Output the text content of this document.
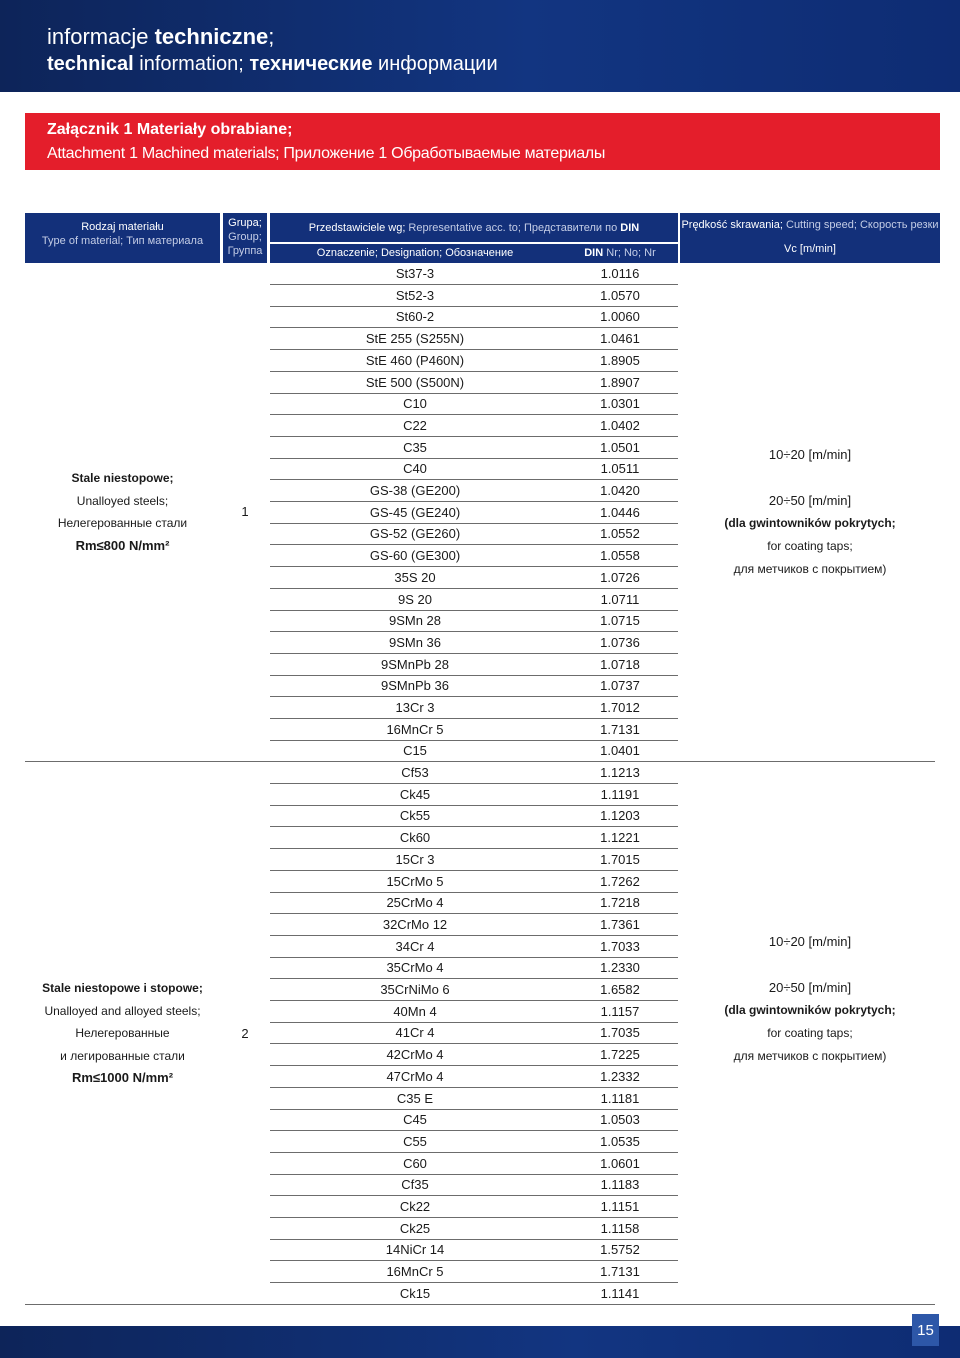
informacje techniczne;
technical information; технические информации
Załącznik 1 Materiały obrabiane;
Attachment 1 Machined materials; Приложение 1 Обработываемые материалы
Rodzaj materiału
Type of material; Тип материала
Grupa;
Group;
Группа
Przedstawiciele wg; Representative acc. to; Представители по DIN
Oznaczenie; Designation; Обозначение	DIN Nr; No; Nr
Prędkość skrawania; Cutting speed; Скорость резки
Vc [m/min]
St37-3	1.0116
St52-3	1.0570
St60-2	1.0060
StE 255 (S255N)	1.0461
StE 460 (P460N)	1.8905
StE 500 (S500N)	1.8907
C10	1.0301
C22	1.0402
C35	1.0501
C40	1.0511
GS-38 (GE200)	1.0420
GS-45 (GE240)	1.0446
GS-52 (GE260)	1.0552
GS-60 (GE300)	1.0558
35S 20	1.0726
9S 20	1.0711
9SMn 28	1.0715
9SMn 36	1.0736
9SMnPb 28	1.0718
9SMnPb 36	1.0737
13Cr 3	1.7012
16MnCr 5	1.7131
C15	1.0401
Stale niestopowe;
Unalloyed steels;
Нелегерованные стали
Rm≤800 N/mm²
1
10÷20 [m/min]
20÷50 [m/min]
(dla gwintowników pokrytych;
for coating taps;
для метчиков с покрытием)
Cf53	1.1213
Ck45	1.1191
Ck55	1.1203
Ck60	1.1221
15Cr 3	1.7015
15CrMo 5	1.7262
25CrMo 4	1.7218
32CrMo 12	1.7361
34Cr 4	1.7033
35CrMo 4	1.2330
35CrNiMo 6	1.6582
40Mn 4	1.1157
41Cr 4	1.7035
42CrMo 4	1.7225
47CrMo 4	1.2332
C35 E	1.1181
C45	1.0503
C55	1.0535
C60	1.0601
Cf35	1.1183
Ck22	1.1151
Ck25	1.1158
14NiCr 14	1.5752
16MnCr 5	1.7131
Ck15	1.1141
Stale niestopowe i stopowe;
Unalloyed and alloyed steels;
Нелегерованные
и легированные стали
Rm≤1000 N/mm²
2
10÷20 [m/min]
20÷50 [m/min]
(dla gwintowników pokrytych;
for coating taps;
для метчиков с покрытием)
15
